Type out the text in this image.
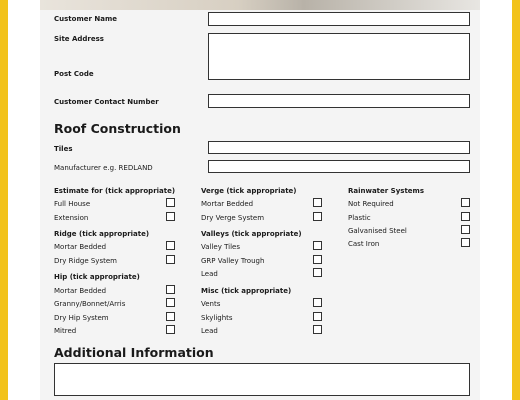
Customer Name
Site Address
Post Code
Customer Contact Number
Roof Construction
Tiles
Manufacturer e.g. REDLAND
Estimate for (tick appropriate)
Full House
Extension
Ridge (tick appropriate)
Mortar Bedded
Dry Ridge System
Hip (tick appropriate)
Mortar Bedded
Granny/Bonnet/Arris
Dry Hip System
Mitred
Verge (tick appropriate)
Mortar Bedded
Dry Verge System
Valleys (tick appropriate)
Valley Tiles
GRP Valley Trough
Lead
Misc (tick appropriate)
Vents
Skylights
Lead
Rainwater Systems
Not Required
Plastic
Galvanised Steel
Cast Iron
Additional Information
